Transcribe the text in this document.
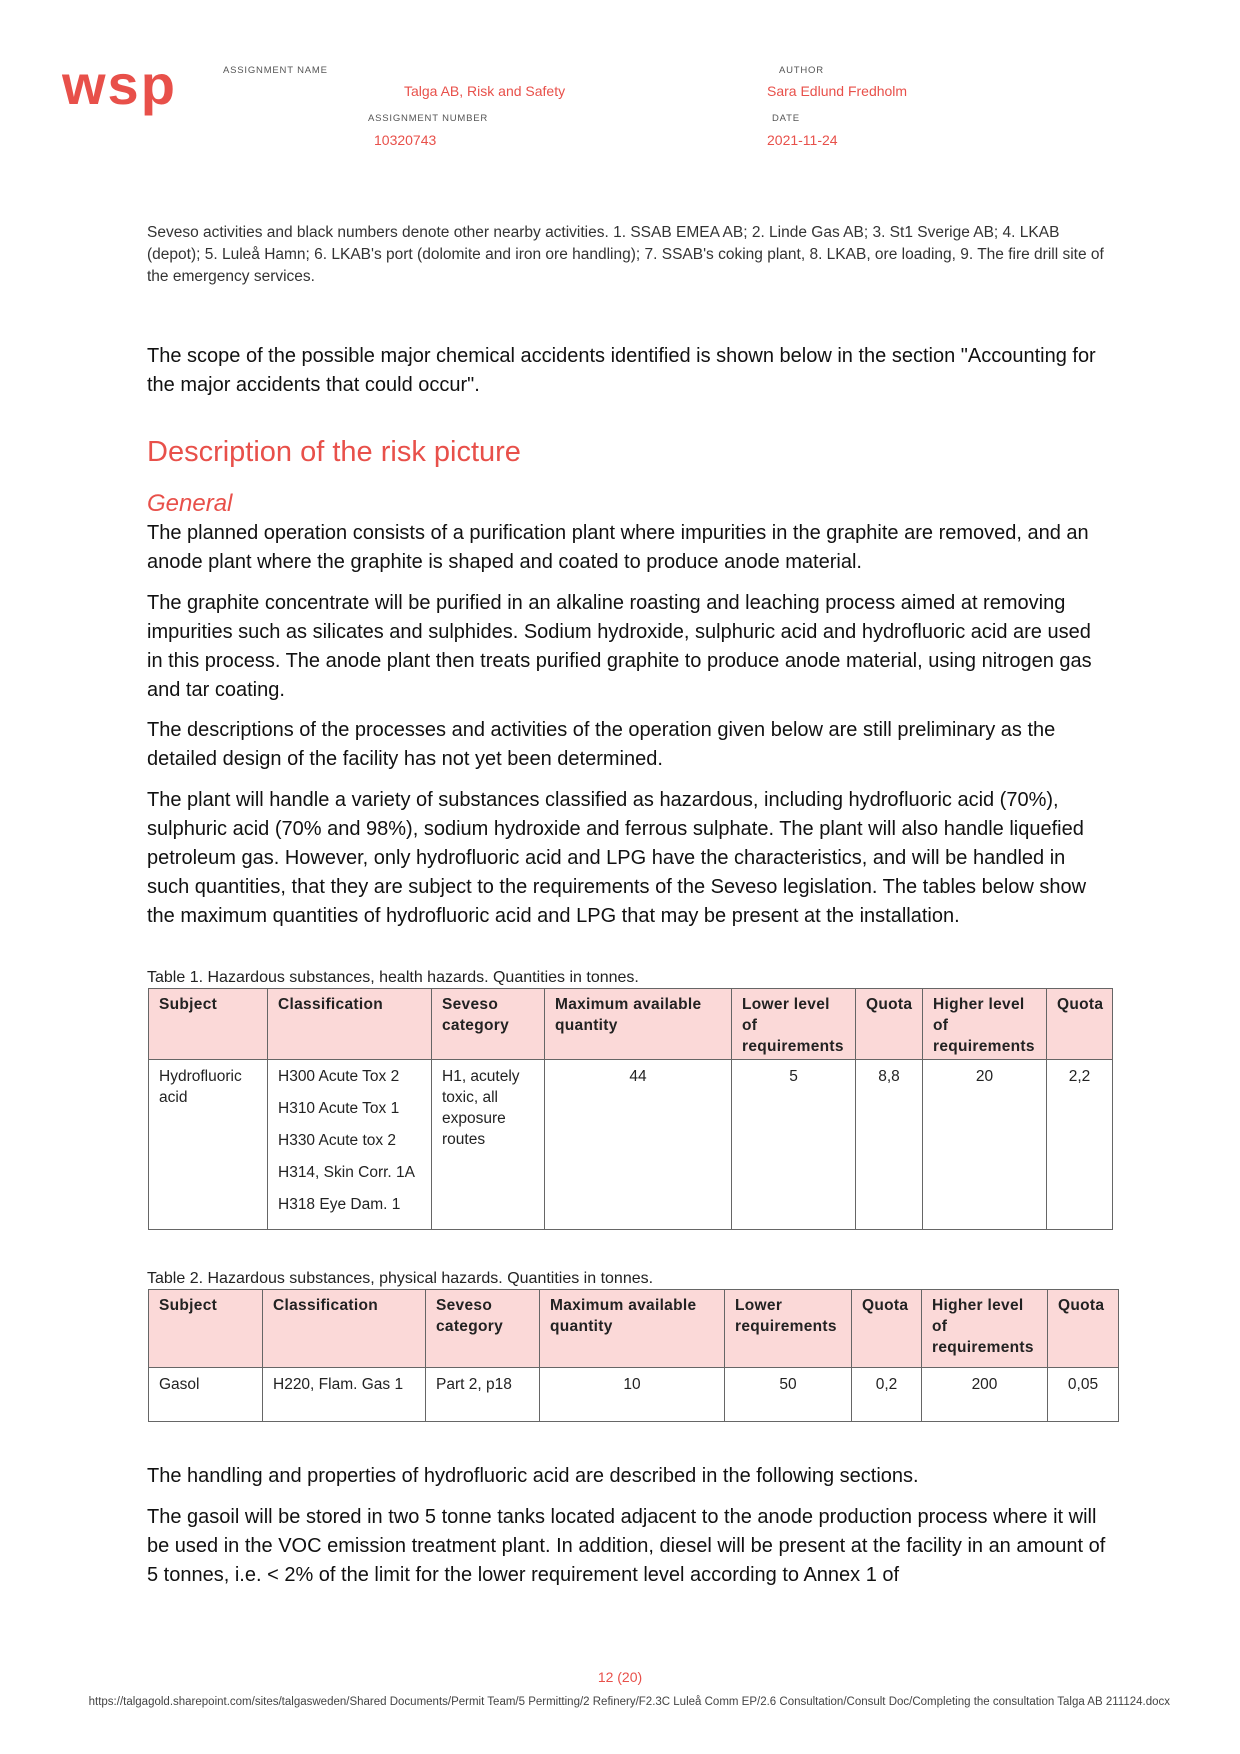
wsp	ASSIGNMENT NAME
Talga AB, Risk and Safety
ASSIGNMENT NUMBER
10320743
AUTHOR
Sara Edlund Fredholm
DATE
2021-11-24
Seveso activities and black numbers denote other nearby activities. 1. SSAB EMEA AB; 2. Linde Gas AB; 3. St1 Sverige AB; 4. LKAB (depot); 5. Luleå Hamn; 6. LKAB's port (dolomite and iron ore handling); 7. SSAB's coking plant, 8. LKAB, ore loading, 9. The fire drill site of the emergency services.

The scope of the possible major chemical accidents identified is shown below in the section "Accounting for the major accidents that could occur".

Description of the risk picture
General

The planned operation consists of a purification plant where impurities in the graphite are removed, and an anode plant where the graphite is shaped and coated to produce anode material.

The graphite concentrate will be purified in an alkaline roasting and leaching process aimed at removing impurities such as silicates and sulphides. Sodium hydroxide, sulphuric acid and hydrofluoric acid are used in this process. The anode plant then treats purified graphite to produce anode material, using nitrogen gas and tar coating.

The descriptions of the processes and activities of the operation given below are still preliminary as the detailed design of the facility has not yet been determined.

The plant will handle a variety of substances classified as hazardous, including hydrofluoric acid (70%), sulphuric acid (70% and 98%), sodium hydroxide and ferrous sulphate. The plant will also handle liquefied petroleum gas. However, only hydrofluoric acid and LPG have the characteristics, and will be handled in such quantities, that they are subject to the requirements of the Seveso legislation. The tables below show the maximum quantities of hydrofluoric acid and LPG that may be present at the installation.

Table 1. Hazardous substances, health hazards. Quantities in tonnes.
Subject	Classification	Seveso category	Maximum available quantity	Lower level of requirements	Quota	Higher level of requirements	Quota
Hydrofluoric acid	H300 Acute Tox 2
H310 Acute Tox 1
H330 Acute tox 2
H314, Skin Corr. 1A
H318 Eye Dam. 1	H1, acutely toxic, all exposure routes	44	5	8,8	20	2,2
Table 2. Hazardous substances, physical hazards. Quantities in tonnes.
Subject	Classification	Seveso category	Maximum available quantity	Lower requirements	Quota	Higher level of requirements	Quota
Gasol	H220, Flam. Gas 1	Part 2, p18	10	50	0,2	200	0,05

The handling and properties of hydrofluoric acid are described in the following sections.

The gasoil will be stored in two 5 tonne tanks located adjacent to the anode production process where it will be used in the VOC emission treatment plant. In addition, diesel will be present at the facility in an amount of 5 tonnes, i.e. < 2% of the limit for the lower requirement level according to Annex 1 of

12 (20)
https://talgagold.sharepoint.com/sites/talgasweden/Shared Documents/Permit Team/5 Permitting/2 Refinery/F2.3C Luleå Comm EP/2.6 Consultation/Consult Doc/Completing the consultation Talga AB 211124.docx
